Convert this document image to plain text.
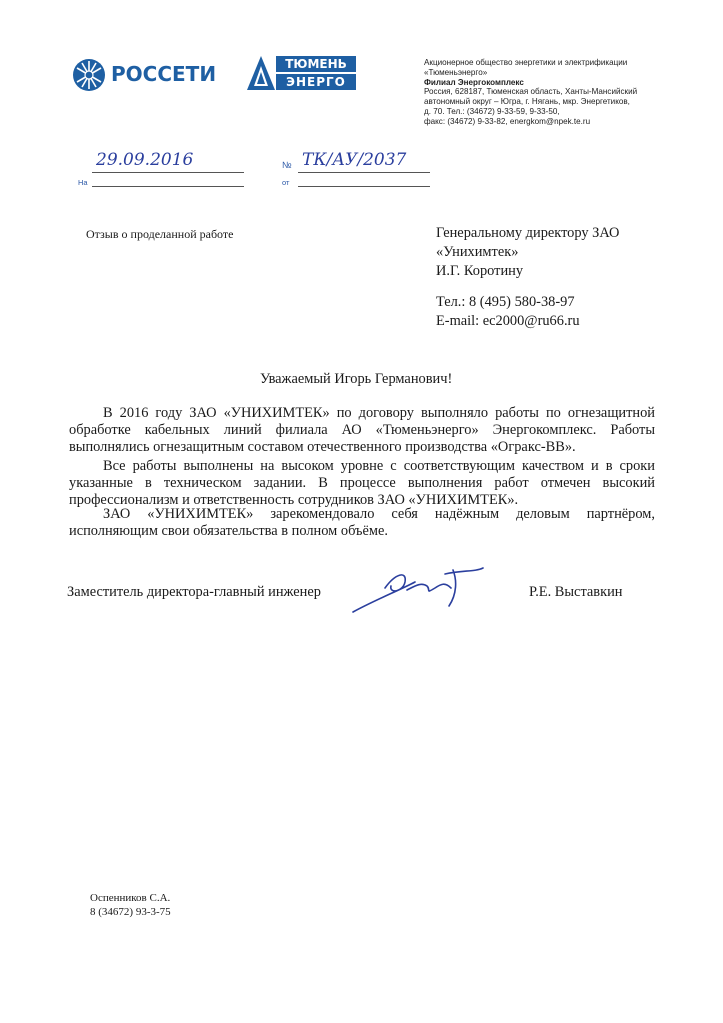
РОССЕТИ	ТЮМЕНЬ
ЭНЕРГО
Акционерное общество энергетики и электрификации
«Тюменьэнерго»
Филиал Энергокомплекс
Россия, 628187, Тюменская область, Ханты-Мансийский
автономный округ – Югра, г. Нягань, мкр. Энергетиков,
д. 70. Тел.: (34672) 9-33-59, 9-33-50,
факс: (34672) 9-33-82, energkom@npek.te.ru
29.09.2016
На
№ ТК/АУ/2037
от
Отзыв о проделанной работе	Генеральному директору ЗАО
«Унихимтек»
И.Г. Коротину
Тел.: 8 (495) 580-38-97
E-mail: ec2000@ru66.ru
Уважаемый Игорь Германович!
В 2016 году ЗАО «УНИХИМТЕК» по договору выполняло работы по огнезащитной обработке кабельных линий филиала АО «Тюменьэнерго» Энергокомплекс. Работы выполнялись огнезащитным составом отечественного производства «Огракс-ВВ».
Все работы выполнены на высоком уровне с соответствующим качеством и в сроки указанные в техническом задании. В процессе выполнения работ отмечен высокий профессионализм и ответственность сотрудников ЗАО «УНИХИМТЕК».
ЗАО «УНИХИМТЕК» зарекомендовало себя надёжным деловым партнёром, исполняющим свои обязательства в полном объёме.
Заместитель директора-главный инженер	Р.Е. Выставкин
Оспенников С.А.
8 (34672) 93-3-75
